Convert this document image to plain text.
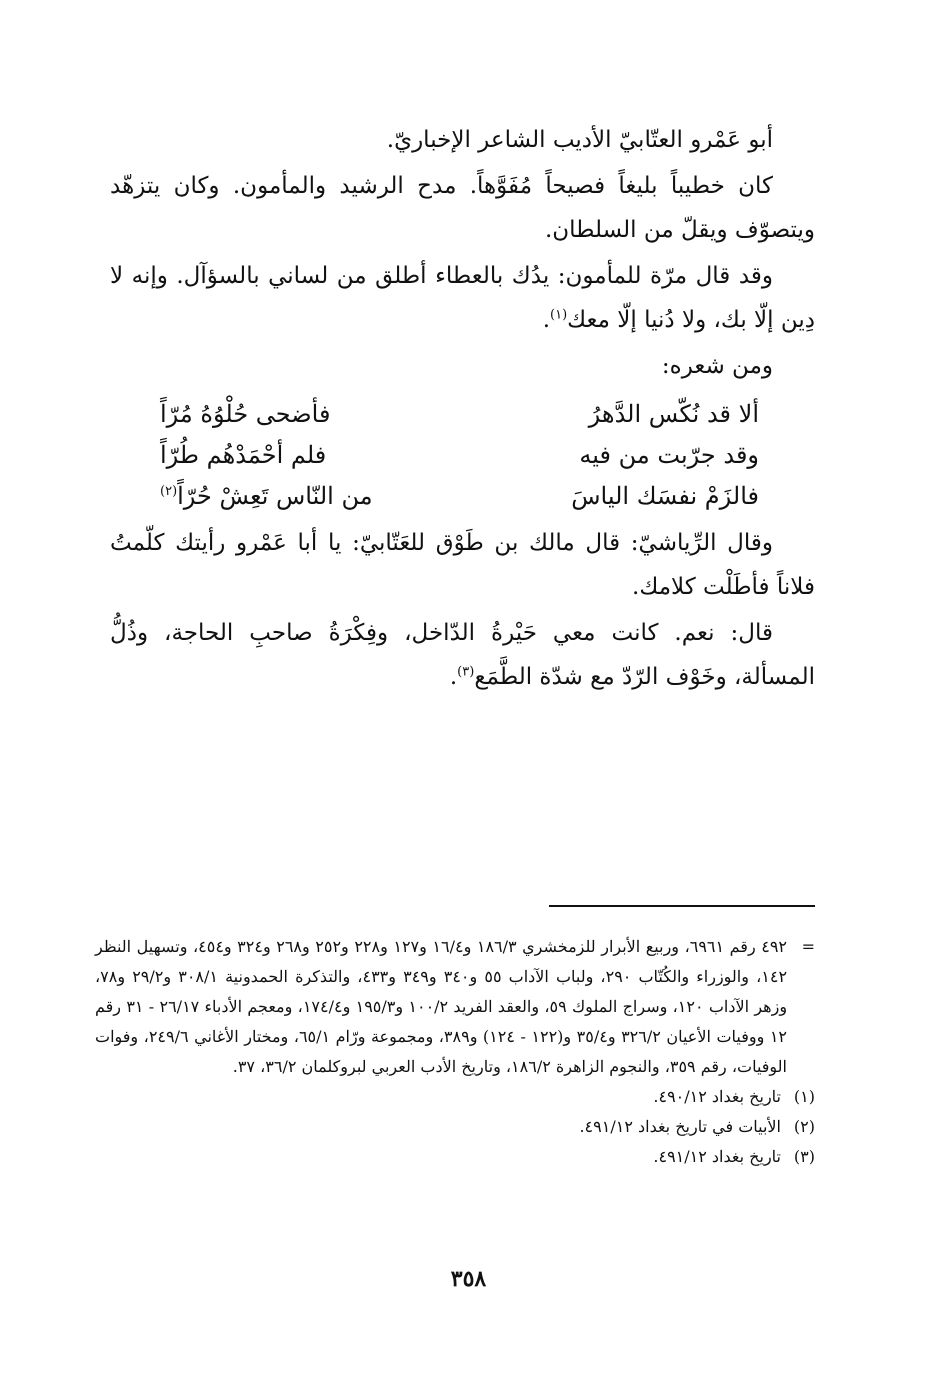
أبو عَمْرو العتّابيّ الأديب الشاعر الإخباريّ.

كان خطيباً بليغاً فصيحاً مُفَوَّهاً. مدح الرشيد والمأمون. وكان يتزهّد ويتصوّف ويقلّ من السلطان.

وقد قال مرّة للمأمون: يدُك بالعطاء أطلق من لساني بالسؤآل. وإنه لا دِين إلّا بك، ولا دُنيا إلّا معك$^{(١)}$.

ومن شعره:

ألا قد نُكّس الدَّهرُ
فأضحى حُلْوُهُ مُرّاً
وقد جرّبت من فيه
فلم أحْمَدْهُم طُرّاً
فالزَمْ نفسَك الياسَ
من النّاس تَعِشْ حُرّاً$^{(٢)}$

وقال الرِّياشيّ: قال مالك بن طَوْق للعَتّابيّ: يا أبا عَمْرو رأيتك كلّمتُ فلاناً فأطَلْت كلامك.

قال: نعم. كانت معي حَيْرةُ الدّاخل، وفِكْرَةُ صاحبِ الحاجة، وذُلُّ المسألة، وخَوْف الرّدّ مع شدّة الطَّمَع$^{(٣)}$.

=
٤٩٢ رقم ٦٩٦١، وربيع الأبرار للزمخشري ١٨٦/٣ و١٦/٤ و١٢٧ و٢٢٨ و٢٥٢ و٢٦٨ و٣٢٤ و٤٥٤، وتسهيل النظر ١٤٢، والوزراء والكُتّاب ٢٩٠، ولباب الآداب ٥٥ و٣٤٠ و٣٤٩ و٤٣٣، والتذكرة الحمدونية ٣٠٨/١ و٢٩/٢ و٧٨، وزهر الآداب ١٢٠، وسراج الملوك ٥٩، والعقد الفريد ١٠٠/٢ و١٩٥/٣ و١٧٤/٤، ومعجم الأدباء ٢٦/١٧ - ٣١ رقم ١٢ ووفيات الأعيان ٣٢٦/٢ و٣٥/٤ و(١٢٢ - ١٢٤) و٣٨٩، ومجموعة ورّام ٦٥/١، ومختار الأغاني ٢٤٩/٦، وفوات الوفيات، رقم ٣٥٩، والنجوم الزاهرة ١٨٦/٢، وتاريخ الأدب العربي لبروكلمان ٣٦/٢، ٣٧.
(١)
تاريخ بغداد ٤٩٠/١٢.
(٢)
الأبيات في تاريخ بغداد ٤٩١/١٢.
(٣)
تاريخ بغداد ٤٩١/١٢.
٣٥٨
